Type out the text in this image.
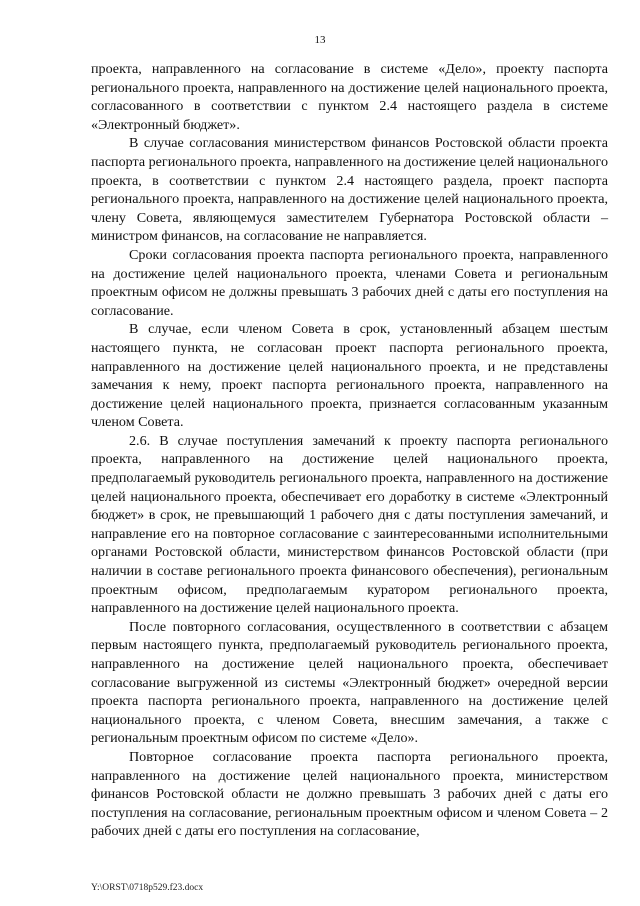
13

проекта, направленного на согласование в системе «Дело», проекту паспорта регионального проекта, направленного на достижение целей национального проекта, согласованного в соответствии с пунктом 2.4 настоящего раздела в системе «Электронный бюджет».

В случае согласования министерством финансов Ростовской области проекта паспорта регионального проекта, направленного на достижение целей национального проекта, в соответствии с пунктом 2.4 настоящего раздела, проект паспорта регионального проекта, направленного на достижение целей национального проекта, члену Совета, являющемуся заместителем Губернатора Ростовской области – министром финансов, на согласование не направляется.

Сроки согласования проекта паспорта регионального проекта, направленного на достижение целей национального проекта, членами Совета и региональным проектным офисом не должны превышать 3 рабочих дней с даты его поступления на согласование.

В случае, если членом Совета в срок, установленный абзацем шестым настоящего пункта, не согласован проект паспорта регионального проекта, направленного на достижение целей национального проекта, и не представлены замечания к нему, проект паспорта регионального проекта, направленного на достижение целей национального проекта, признается согласованным указанным членом Совета.

2.6. В случае поступления замечаний к проекту паспорта регионального проекта, направленного на достижение целей национального проекта, предполагаемый руководитель регионального проекта, направленного на достижение целей национального проекта, обеспечивает его доработку в системе «Электронный бюджет» в срок, не превышающий 1 рабочего дня с даты поступления замечаний, и направление его на повторное согласование с заинтересованными исполнительными органами Ростовской области, министерством финансов Ростовской области (при наличии в составе регионального проекта финансового обеспечения), региональным проектным офисом, предполагаемым куратором регионального проекта, направленного на достижение целей национального проекта.

После повторного согласования, осуществленного в соответствии с абзацем первым настоящего пункта, предполагаемый руководитель регионального проекта, направленного на достижение целей национального проекта, обеспечивает согласование выгруженной из системы «Электронный бюджет» очередной версии проекта паспорта регионального проекта, направленного на достижение целей национального проекта, с членом Совета, внесшим замечания, а также с региональным проектным офисом по системе «Дело».

Повторное согласование проекта паспорта регионального проекта, направленного на достижение целей национального проекта, министерством финансов Ростовской области не должно превышать 3 рабочих дней с даты его поступления на согласование, региональным проектным офисом и членом Совета – 2 рабочих дней с даты его поступления на согласование,

Y:\ORST\0718p529.f23.docx
